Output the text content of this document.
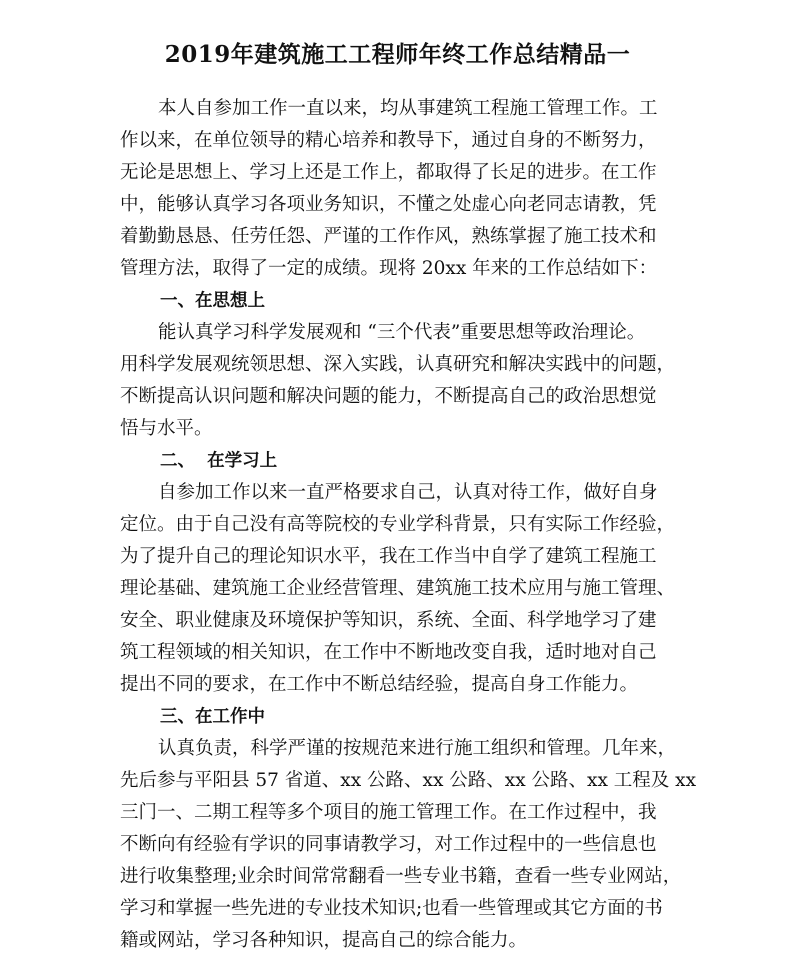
2019年建筑施工工程师年终工作总结精品一
本人自参加工作一直以来，均从事建筑工程施工管理工作。工
作以来，在单位领导的精心培养和教导下，通过自身的不断努力，
无论是思想上、学习上还是工作上，都取得了长足的进步。在工作
中，能够认真学习各项业务知识，不懂之处虚心向老同志请教，凭
着勤勤恳恳、任劳任怨、严谨的工作作风，熟练掌握了施工技术和
管理方法，取得了一定的成绩。现将 20xx 年来的工作总结如下：
一、在思想上
能认真学习科学发展观和 “三个代表”重要思想等政治理论。
用科学发展观统领思想、深入实践，认真研究和解决实践中的问题，
不断提高认识问题和解决问题的能力，不断提高自己的政治思想觉
悟与水平。
二、  在学习上
自参加工作以来一直严格要求自己，认真对待工作，做好自身
定位。由于自己没有高等院校的专业学科背景，只有实际工作经验，
为了提升自己的理论知识水平，我在工作当中自学了建筑工程施工
理论基础、建筑施工企业经营管理、建筑施工技术应用与施工管理、
安全、职业健康及环境保护等知识，系统、全面、科学地学习了建
筑工程领域的相关知识，在工作中不断地改变自我，适时地对自己
提出不同的要求，在工作中不断总结经验，提高自身工作能力。
三、在工作中
认真负责，科学严谨的按规范来进行施工组织和管理。几年来，
先后参与平阳县 57 省道、xx 公路、xx 公路、xx 公路、xx 工程及 xx
三门一、二期工程等多个项目的施工管理工作。在工作过程中，我
不断向有经验有学识的同事请教学习，对工作过程中的一些信息也
进行收集整理;业余时间常常翻看一些专业书籍，查看一些专业网站，
学习和掌握一些先进的专业技术知识;也看一些管理或其它方面的书
籍或网站，学习各种知识，提高自己的综合能力。
